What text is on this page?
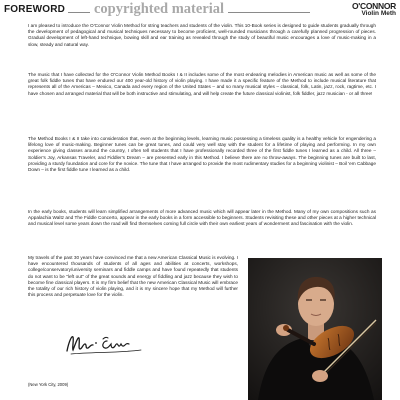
FOREWORD copyrighted material	O'CONNOR
Violin Meth

I am pleased to introduce the O'Connor Violin Method for string teachers and students of the violin. This 10-Book series is designed to guide students gradually through the development of pedagogical and musical techniques necessary to become proficient, well-rounded musicians through a carefully planned progression of pieces. Gradual development of left-hand technique, bowing skill and ear training as revealed through the study of beautiful music encourages a love of music-making in a slow, steady and natural way.

The music that I have collected for the O'Connor Violin Method Books I & II includes some of the most endearing melodies in American music as well as some of the great folk fiddle tunes that have endured our 400 year-old history of violin playing. I have made it a specific feature of the Method to include musical literature that represents all of the Americas – Mexico, Canada and every region of the United States – and so many musical styles – classical, folk, Latin, jazz, rock, ragtime, etc. I have chosen and arranged material that will be both instructive and stimulating, and will help create the future classical violinist, folk fiddler, jazz musician - or all three!

The Method Books I & II take into consideration that, even at the beginning levels, learning music possessing a timeless quality is a healthy vehicle for engendering a lifelong love of music-making. Beginner tunes can be great tunes, and could very well stay with the student for a lifetime of playing and performing. In my own experience giving classes around the country, I often tell students that I have professionally recorded three of the first fiddle tunes I learned as a child. All three – Soldier's Joy, Arkansas Traveler, and Fiddler's Dream – are presented early in this Method. I believe there are no throw-aways. The beginning tunes are built to last, providing a sturdy foundation and core for the novice. The tune that I have arranged to provide the most rudimentary studies for a beginning violinist – Boil 'em Cabbage Down – is the first fiddle tune I learned as a child.

In the early books, students will learn simplified arrangements of more advanced music which will appear later in the Method. Many of my own compositions such as Appalachia Waltz and The Fiddle Concerto, appear in the early books in a form accessible to beginners. Students revisiting these and other pieces at a higher technical and musical level some years down the road will find themselves coming full circle with their own earliest years of wonderment and fascination with the violin.

My travels of the past 30 years have convinced me that a new American Classical Music is evolving. I have encountered thousands of students of all ages and abilities at concerts, workshops, college/conservatory/university seminars and fiddle camps and have found repeatedly that students do not want to be "left out" of the great sounds and energy of fiddling and jazz because they wish to become fine classical players. It is my firm belief that the new American Classical Music will embrace the totality of our rich history of violin playing, and it is my sincere hope that my Method will further this process and perpetuate love for the violin.

(New York City, 2009)
